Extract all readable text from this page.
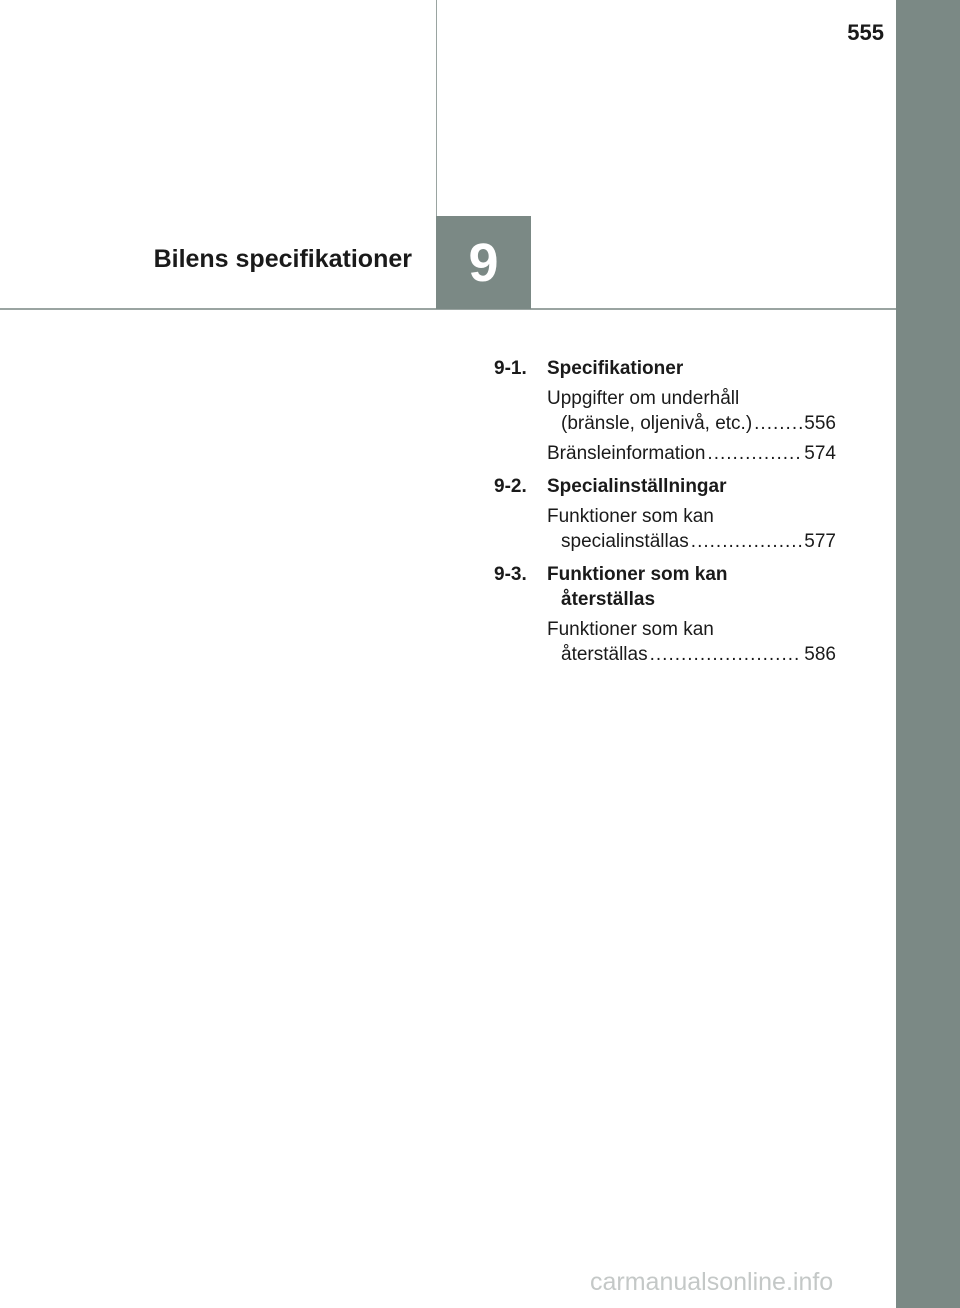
555
Bilens specifikationer 9
9-1. Specifikationer
Uppgifter om underhåll
(bränsle, oljenivå, etc.) .....	556
Bränsleinformation .....	574
9-2. Specialinställningar
Funktioner som kan
specialinställas .....	577
9-3. Funktioner som kan
återställas
Funktioner som kan
återställas .....	586
carmanualsonline.info
